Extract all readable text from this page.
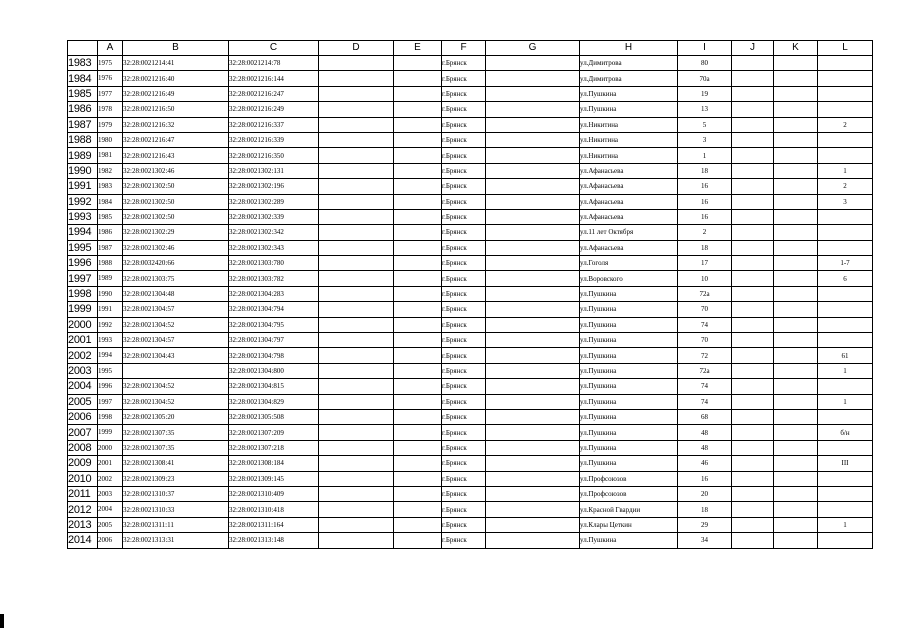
	A	B	C	D	E	F	G	H	I	J	K	L
1983	1975	32:28:0021214:41	32:28:0021214:78			г.Брянск		ул.Димитрова	80			
1984	1976	32:28:0021216:40	32:28:0021216:144			г.Брянск		ул.Димитрова	70а			
1985	1977	32:28:0021216:49	32:28:0021216:247			г.Брянск		ул.Пушкина	19			
1986	1978	32:28:0021216:50	32:28:0021216:249			г.Брянск		ул.Пушкина	13			
1987	1979	32:28:0021216:32	32:28:0021216:337			г.Брянск		ул.Никитина	5			2
1988	1980	32:28:0021216:47	32:28:0021216:339			г.Брянск		ул.Никитина	3			
1989	1981	32:28:0021216:43	32:28:0021216:350			г.Брянск		ул.Никитина	1			
1990	1982	32:28:0021302:46	32:28:0021302:131			г.Брянск		ул.Афанасьева	18			1
1991	1983	32:28:0021302:50	32:28:0021302:196			г.Брянск		ул.Афанасьева	16			2
1992	1984	32:28:0021302:50	32:28:0021302:289			г.Брянск		ул.Афанасьева	16			3
1993	1985	32:28:0021302:50	32:28:0021302:339			г.Брянск		ул.Афанасьева	16			
1994	1986	32:28:0021302:29	32:28:0021302:342			г.Брянск		ул.11 лет Октября	2			
1995	1987	32:28:0021302:46	32:28:0021302:343			г.Брянск		ул.Афанасьева	18			
1996	1988	32:28:0032420:66	32:28:0021303:780			г.Брянск		ул.Гоголя	17			1-7
1997	1989	32:28:0021303:75	32:28:0021303:782			г.Брянск		ул.Воровского	10			6
1998	1990	32:28:0021304:48	32:28:0021304:283			г.Брянск		ул.Пушкина	72а			
1999	1991	32:28:0021304:57	32:28:0021304:794			г.Брянск		ул.Пушкина	70			
2000	1992	32:28:0021304:52	32:28:0021304:795			г.Брянск		ул.Пушкина	74			
2001	1993	32:28:0021304:57	32:28:0021304:797			г.Брянск		ул.Пушкина	70			
2002	1994	32:28:0021304:43	32:28:0021304:798			г.Брянск		ул.Пушкина	72			61
2003	1995		32:28:0021304:800			г.Брянск		ул.Пушкина	72а			1
2004	1996	32:28:0021304:52	32:28:0021304:815			г.Брянск		ул.Пушкина	74			
2005	1997	32:28:0021304:52	32:28:0021304:829			г.Брянск		ул.Пушкина	74			1
2006	1998	32:28:0021305:20	32:28:0021305:508			г.Брянск		ул.Пушкина	68			
2007	1999	32:28:0021307:35	32:28:0021307:209			г.Брянск		ул.Пушкина	48			б/н
2008	2000	32:28:0021307:35	32:28:0021307:218			г.Брянск		ул.Пушкина	48			
2009	2001	32:28:0021308:41	32:28:0021308:184			г.Брянск		ул.Пушкина	46			III
2010	2002	32:28:0021309:23	32:28:0021309:145			г.Брянск		ул.Профсоюзов	16			
2011	2003	32:28:0021310:37	32:28:0021310:409			г.Брянск		ул.Профсоюзов	20			
2012	2004	32:28:0021310:33	32:28:0021310:418			г.Брянск		ул.Красной Гвардии	18			
2013	2005	32:28:0021311:11	32:28:0021311:164			г.Брянск		ул.Клары Цеткин	29			1
2014	2006	32:28:0021313:31	32:28:0021313:148			г.Брянск		ул.Пушкина	34			
